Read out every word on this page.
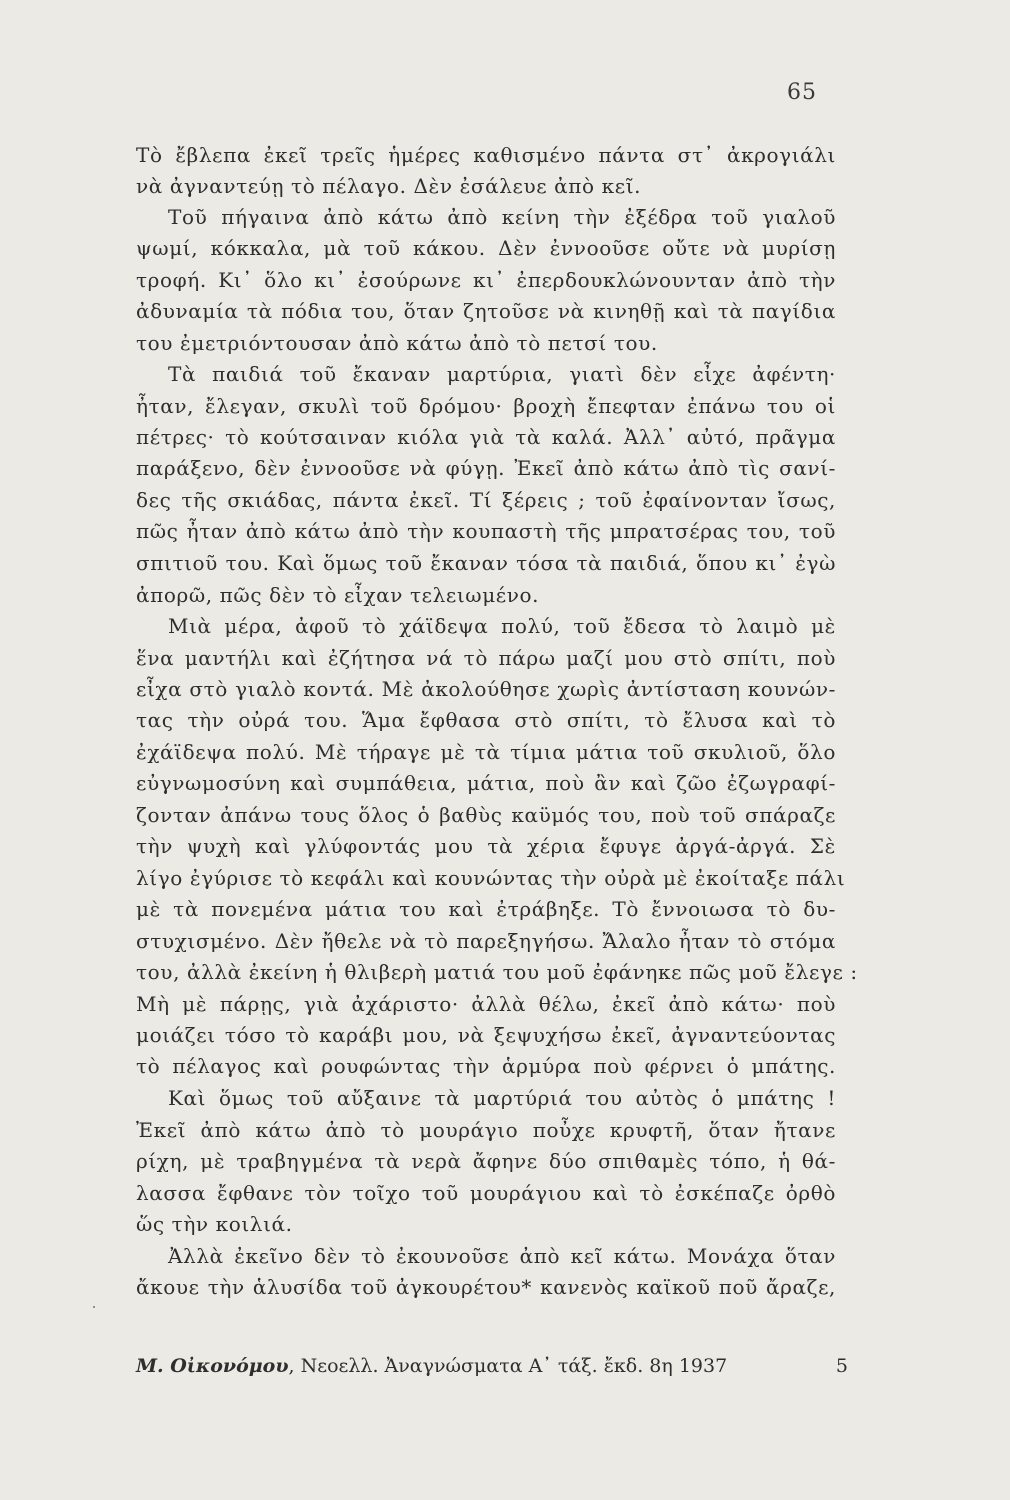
65
Τὸ ἔβλεπα ἐκεῖ τρεῖς ἡμέρες καθισμένο πάντα στ᾽ ἀκρογιάλι
νὰ ἀγναντεύῃ τὸ πέλαγο. Δὲν ἐσάλευε ἀπὸ κεῖ.
Τοῦ πήγαινα ἀπὸ κάτω ἀπὸ κείνη τὴν ἐξέδρα τοῦ γιαλοῦ
ψωμί, κόκκαλα, μὰ τοῦ κάκου. Δὲν ἐννοοῦσε οὔτε νὰ μυρίσῃ
τροφή. Κι᾽ ὅλο κι᾽ ἐσούρωνε κι᾽ ἐπερδουκλώνουνταν ἀπὸ τὴν
ἀδυναμία τὰ πόδια του, ὅταν ζητοῦσε νὰ κινηθῇ καὶ τὰ παγίδια
του ἐμετριόντουσαν ἀπὸ κάτω ἀπὸ τὸ πετσί του.
Τὰ παιδιά τοῦ ἔκαναν μαρτύρια, γιατὶ δὲν εἶχε ἀφέντη·
ἦταν, ἔλεγαν, σκυλὶ τοῦ δρόμου· βροχὴ ἔπεφταν ἐπάνω του οἱ
πέτρες· τὸ κούτσαιναν κιόλα γιὰ τὰ καλά. Ἀλλ᾽ αὐτό, πρᾶγμα
παράξενο, δὲν ἐννοοῦσε νὰ φύγῃ. Ἐκεῖ ἀπὸ κάτω ἀπὸ τὶς σανί-
δες τῆς σκιάδας, πάντα ἐκεῖ. Τί ξέρεις ; τοῦ ἐφαίνονταν ἴσως,
πῶς ἦταν ἀπὸ κάτω ἀπὸ τὴν κουπαστὴ τῆς μπρατσέρας του, τοῦ
σπιτιοῦ του. Καὶ ὅμως τοῦ ἔκαναν τόσα τὰ παιδιά, ὅπου κι᾽ ἐγὼ
ἀπορῶ, πῶς δὲν τὸ εἶχαν τελειωμένο.
Μιὰ μέρα, ἀφοῦ τὸ χάϊδεψα πολύ, τοῦ ἔδεσα τὸ λαιμὸ μὲ
ἕνα μαντήλι καὶ ἐζήτησα νά τὸ πάρω μαζί μου στὸ σπίτι, ποὺ
εἶχα στὸ γιαλὸ κοντά. Μὲ ἀκολούθησε χωρὶς ἀντίσταση κουνών-
τας τὴν οὐρά του. Ἅμα ἔφθασα στὸ σπίτι, τὸ ἔλυσα καὶ τὸ
ἐχάϊδεψα πολύ. Μὲ τήραγε μὲ τὰ τίμια μάτια τοῦ σκυλιοῦ, ὅλο
εὐγνωμοσύνη καὶ συμπάθεια, μάτια, ποὺ ἂν καὶ ζῶο ἐζωγραφί-
ζονταν ἀπάνω τους ὅλος ὁ βαθὺς καϋμός του, ποὺ τοῦ σπάραζε
τὴν ψυχὴ καὶ γλύφοντάς μου τὰ χέρια ἔφυγε ἀργά-ἀργά. Σὲ
λίγο ἐγύρισε τὸ κεφάλι καὶ κουνώντας τὴν οὐρὰ μὲ ἐκοίταξε πάλι
μὲ τὰ πονεμένα μάτια του καὶ ἐτράβηξε. Τὸ ἔννοιωσα τὸ δυ-
στυχισμένο. Δὲν ἤθελε νὰ τὸ παρεξηγήσω. Ἄλαλο ἦταν τὸ στόμα
του, ἀλλὰ ἐκείνη ἡ θλιβερὴ ματιά του μοῦ ἐφάνηκε πῶς μοῦ ἔλεγε :
Μὴ μὲ πάρῃς, γιὰ ἀχάριστο· ἀλλὰ θέλω, ἐκεῖ ἀπὸ κάτω· ποὺ
μοιάζει τόσο τὸ καράβι μου, νὰ ξεψυχήσω ἐκεῖ, ἀγναντεύοντας
τὸ πέλαγος καὶ ρουφώντας τὴν ἁρμύρα ποὺ φέρνει ὁ μπάτης.
Καὶ ὅμως τοῦ αὔξαινε τὰ μαρτύριά του αὐτὸς ὁ μπάτης !
Ἐκεῖ ἀπὸ κάτω ἀπὸ τὸ μουράγιο ποὖχε κρυφτῆ, ὅταν ἤτανε
ρίχη, μὲ τραβηγμένα τὰ νερὰ ἄφηνε δύο σπιθαμὲς τόπο, ἡ θά-
λασσα ἔφθανε τὸν τοῖχο τοῦ μουράγιου καὶ τὸ ἐσκέπαζε ὀρθὸ
ὥς τὴν κοιλιά.
Ἀλλὰ ἐκεῖνο δὲν τὸ ἐκουνοῦσε ἀπὸ κεῖ κάτω. Μονάχα ὅταν
ἄκουε τὴν ἁλυσίδα τοῦ ἀγκουρέτου* κανενὸς καϊκοῦ ποῦ ἄραζε,
Μ. Οἰκονόμου, Νεοελλ. Ἀναγνώσματα Α᾽ τάξ. ἔκδ. 8η 1937	5
